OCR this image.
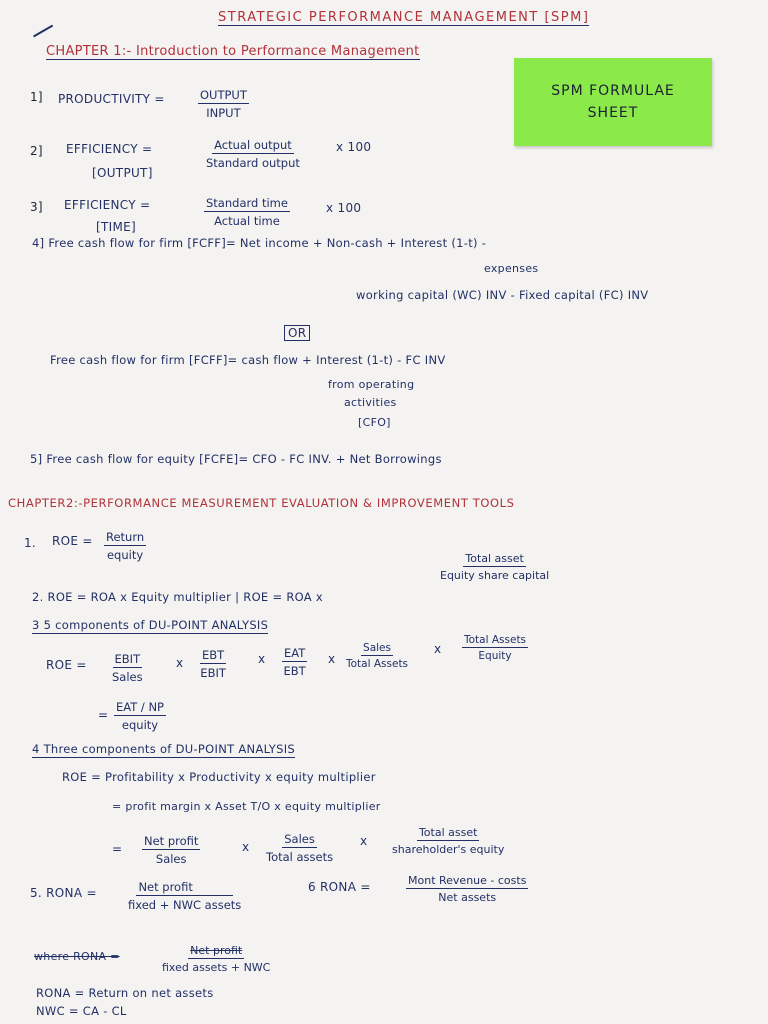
STRATEGIC PERFORMANCE MANAGEMENT [SPM]
CHAPTER 1:- Introduction to Performance Management
SPM FORMULAE
SHEET
1] PRODUCTIVITY =	OUTPUT
INPUT
2] EFFICIENCY =
[OUTPUT]
Actual output
Standard output
x 100
3] EFFICIENCY =
[TIME]
Standard time
Actual time
x 100
4] Free cash flow for firm [FCFF]= Net income + Non-cash + Interest (1-t) -
expenses
working capital (WC) INV - Fixed capital (FC) INV
OR
Free cash flow for firm [FCFF]= cash flow + Interest (1-t) - FC INV
from operating
activities
[CFO]
5] Free cash flow for equity [FCFE]= CFO - FC INV. + Net Borrowings
CHAPTER2:-PERFORMANCE MEASUREMENT EVALUATION & IMPROVEMENT TOOLS
1. ROE = Return
equity
2. ROE = ROA x Equity multiplier | ROE = ROA x
Total asset
Equity share capital
3 5 components of DU-POINT ANALYSIS
ROE = EBIT
Sales
x
EBT
EBIT
x EAT
EBT
x
Sales
Total Assets
x
Total Assets
Equity
=
EAT / NP
equity
4 Three components of DU-POINT ANALYSIS
ROE = Profitability x Productivity x equity multiplier
= profit margin x Asset T/O x equity multiplier
=
Net profit
Sales
x
Sales
Total assets
x
Total asset
shareholder's equity
5. RONA =	Net profit
fixed + NWC assets
6 RONA =	Mont Revenue - costs
Net assets
where RONA =	Net profit
fixed assets + NWC
RONA = Return on net assets
NWC = CA - CL
